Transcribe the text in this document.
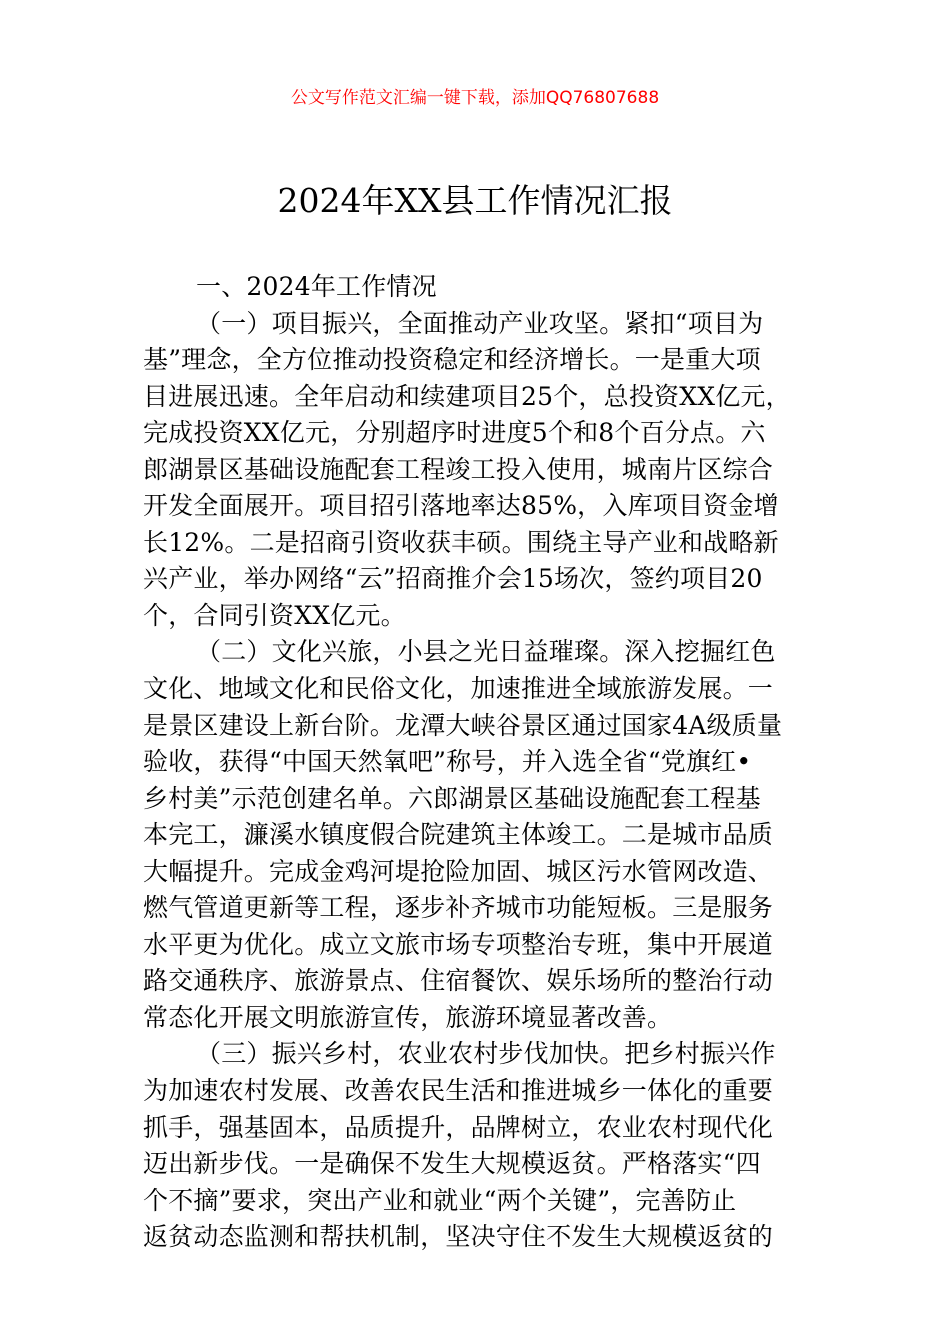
公文写作范文汇编一键下载，添加QQ76807688
2024年XX县工作情况汇报
一、2024年工作情况
（一）项目振兴，全面推动产业攻坚。紧扣“项目为
基”理念，全方位推动投资稳定和经济增长。一是重大项
目进展迅速。全年启动和续建项目25个，总投资XX亿元，
完成投资XX亿元，分别超序时进度5个和8个百分点。六
郎湖景区基础设施配套工程竣工投入使用，城南片区综合
开发全面展开。项目招引落地率达85%，入库项目资金增
长12%。二是招商引资收获丰硕。围绕主导产业和战略新
兴产业，举办网络“云”招商推介会15场次，签约项目20
个，合同引资XX亿元。
（二）文化兴旅，小县之光日益璀璨。深入挖掘红色
文化、地域文化和民俗文化，加速推进全域旅游发展。一
是景区建设上新台阶。龙潭大峡谷景区通过国家4A级质量
验收，获得“中国天然氧吧”称号，并入选全省“党旗红•
乡村美”示范创建名单。六郎湖景区基础设施配套工程基
本完工，濂溪水镇度假合院建筑主体竣工。二是城市品质
大幅提升。完成金鸡河堤抢险加固、城区污水管网改造、
燃气管道更新等工程，逐步补齐城市功能短板。三是服务
水平更为优化。成立文旅市场专项整治专班，集中开展道
路交通秩序、旅游景点、住宿餐饮、娱乐场所的整治行动
常态化开展文明旅游宣传，旅游环境显著改善。
（三）振兴乡村，农业农村步伐加快。把乡村振兴作
为加速农村发展、改善农民生活和推进城乡一体化的重要
抓手，强基固本，品质提升，品牌树立，农业农村现代化
迈出新步伐。一是确保不发生大规模返贫。严格落实“四
个不摘”要求，突出产业和就业“两个关键”，完善防止
返贫动态监测和帮扶机制，坚决守住不发生大规模返贫的
